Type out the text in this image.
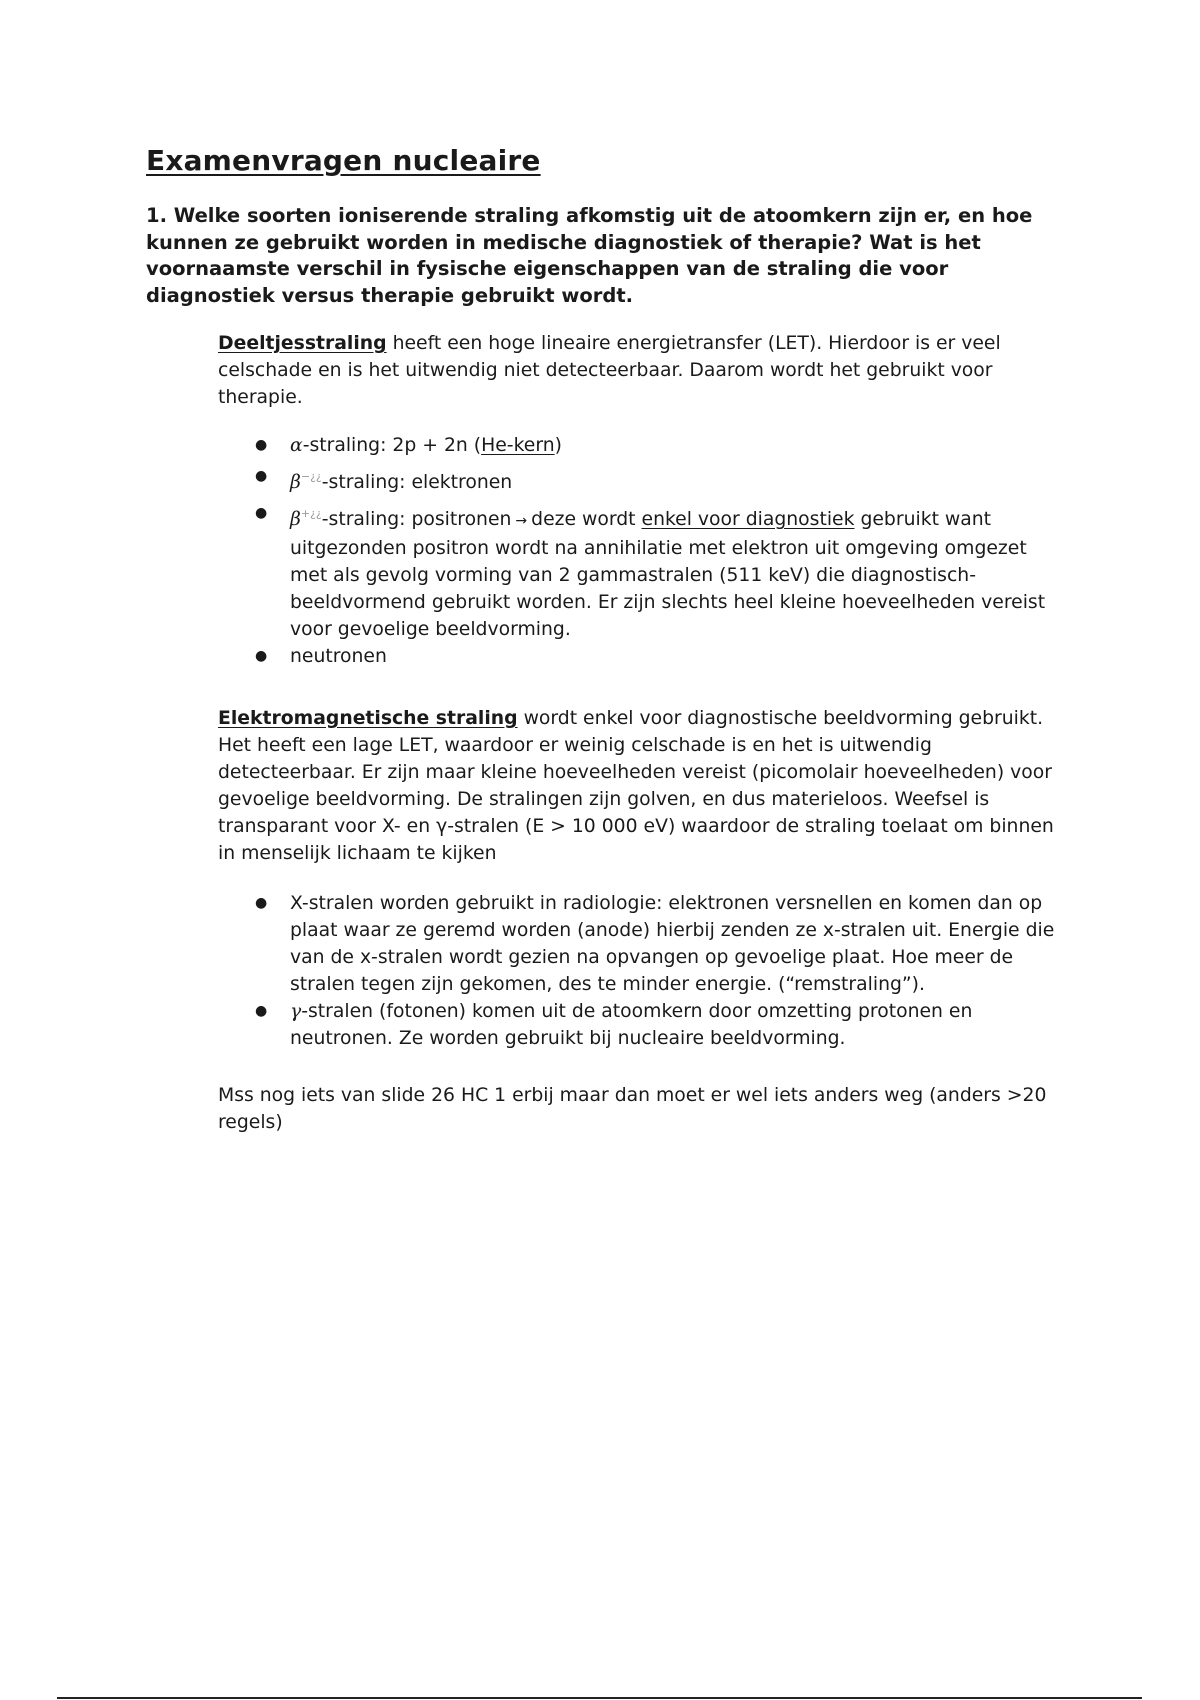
Examenvragen nucleaire

1. Welke soorten ioniserende straling afkomstig uit de atoomkern zijn er, en hoe kunnen ze gebruikt worden in medische diagnostiek of therapie? Wat is het voornaamste verschil in fysische eigenschappen van de straling die voor diagnostiek versus therapie gebruikt wordt.

Deeltjesstraling heeft een hoge lineaire energietransfer (LET). Hierdoor is er veel celschade en is het uitwendig niet detecteerbaar. Daarom wordt het gebruikt voor therapie.

● α-straling: 2p + 2n (He-kern)
● β−¿¿-straling: elektronen
● β+¿¿-straling: positronen → deze wordt enkel voor diagnostiek gebruikt want uitgezonden positron wordt na annihilatie met elektron uit omgeving omgezet met als gevolg vorming van 2 gammastralen (511 keV) die diagnostisch-beeldvormend gebruikt worden. Er zijn slechts heel kleine hoeveelheden vereist voor gevoelige beeldvorming.
● neutronen

Elektromagnetische straling wordt enkel voor diagnostische beeldvorming gebruikt. Het heeft een lage LET, waardoor er weinig celschade is en het is uitwendig detecteerbaar. Er zijn maar kleine hoeveelheden vereist (picomolair hoeveelheden) voor gevoelige beeldvorming. De stralingen zijn golven, en dus materieloos. Weefsel is transparant voor X- en γ-stralen (E > 10 000 eV) waardoor de straling toelaat om binnen in menselijk lichaam te kijken

● X-stralen worden gebruikt in radiologie: elektronen versnellen en komen dan op plaat waar ze geremd worden (anode) hierbij zenden ze x-stralen uit. Energie die van de x-stralen wordt gezien na opvangen op gevoelige plaat. Hoe meer de stralen tegen zijn gekomen, des te minder energie. (“remstraling”).
● γ-stralen (fotonen) komen uit de atoomkern door omzetting protonen en neutronen. Ze worden gebruikt bij nucleaire beeldvorming.

Mss nog iets van slide 26 HC 1 erbij maar dan moet er wel iets anders weg (anders >20 regels)
